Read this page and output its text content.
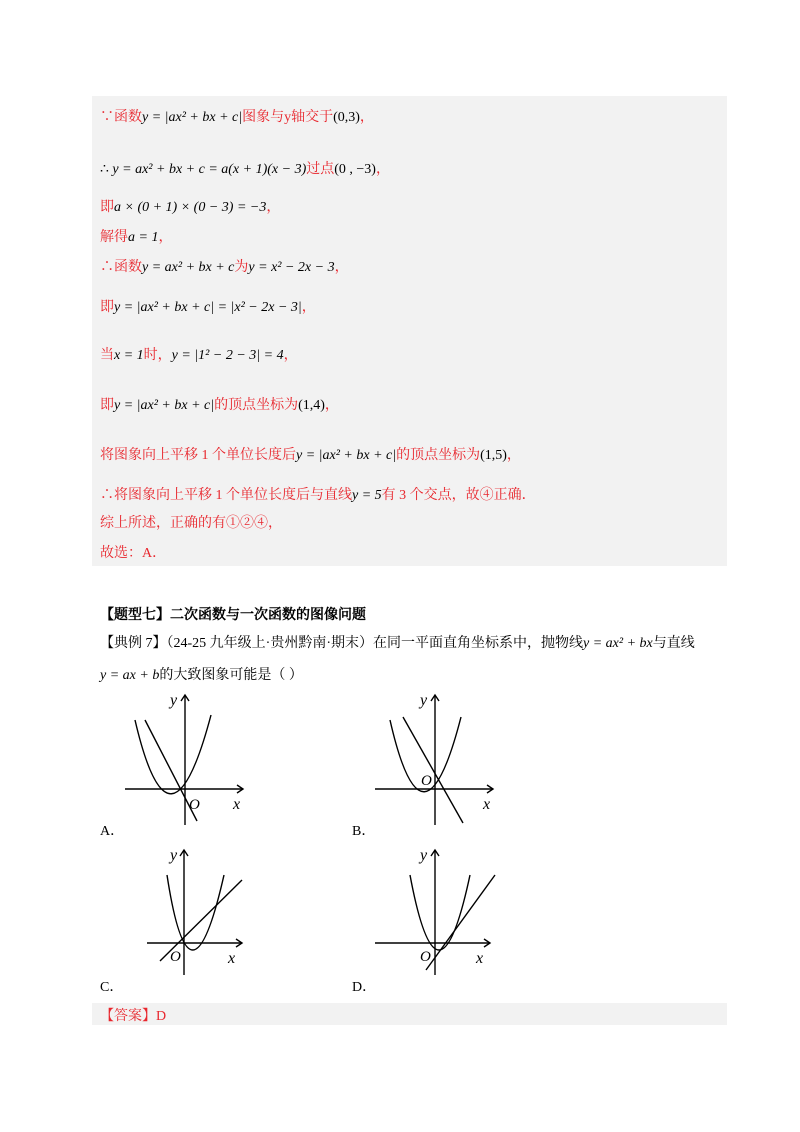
∵函数y = |ax² + bx + c|图象与y轴交于(0,3)，
∴ y = ax² + bx + c = a(x + 1)(x − 3)过点(0 , −3)，
即a × (0 + 1) × (0 − 3) = −3，
解得a = 1，
∴函数y = ax² + bx + c为y = x² − 2x − 3，
即y = |ax² + bx + c| = |x² − 2x − 3|，
当x = 1时，y = |1² − 2 − 3| = 4，
即y = |ax² + bx + c|的顶点坐标为(1,4)，
将图象向上平移 1 个单位长度后y = |ax² + bx + c|的顶点坐标为(1,5)，
∴将图象向上平移 1 个单位长度后与直线y = 5有 3 个交点，故④正确．
综上所述，正确的有①②④，
故选：A．
【题型七】二次函数与一次函数的图像问题
【典例 7】（24-25 九年级上·贵州黔南·期末）在同一平面直角坐标系中，抛物线y = ax² + bx与直线
y = ax + b的大致图象可能是（ ）
y
x
O
A．
y
x
O
B．
y
x
O
C．
y
x
O
D．
【答案】D
